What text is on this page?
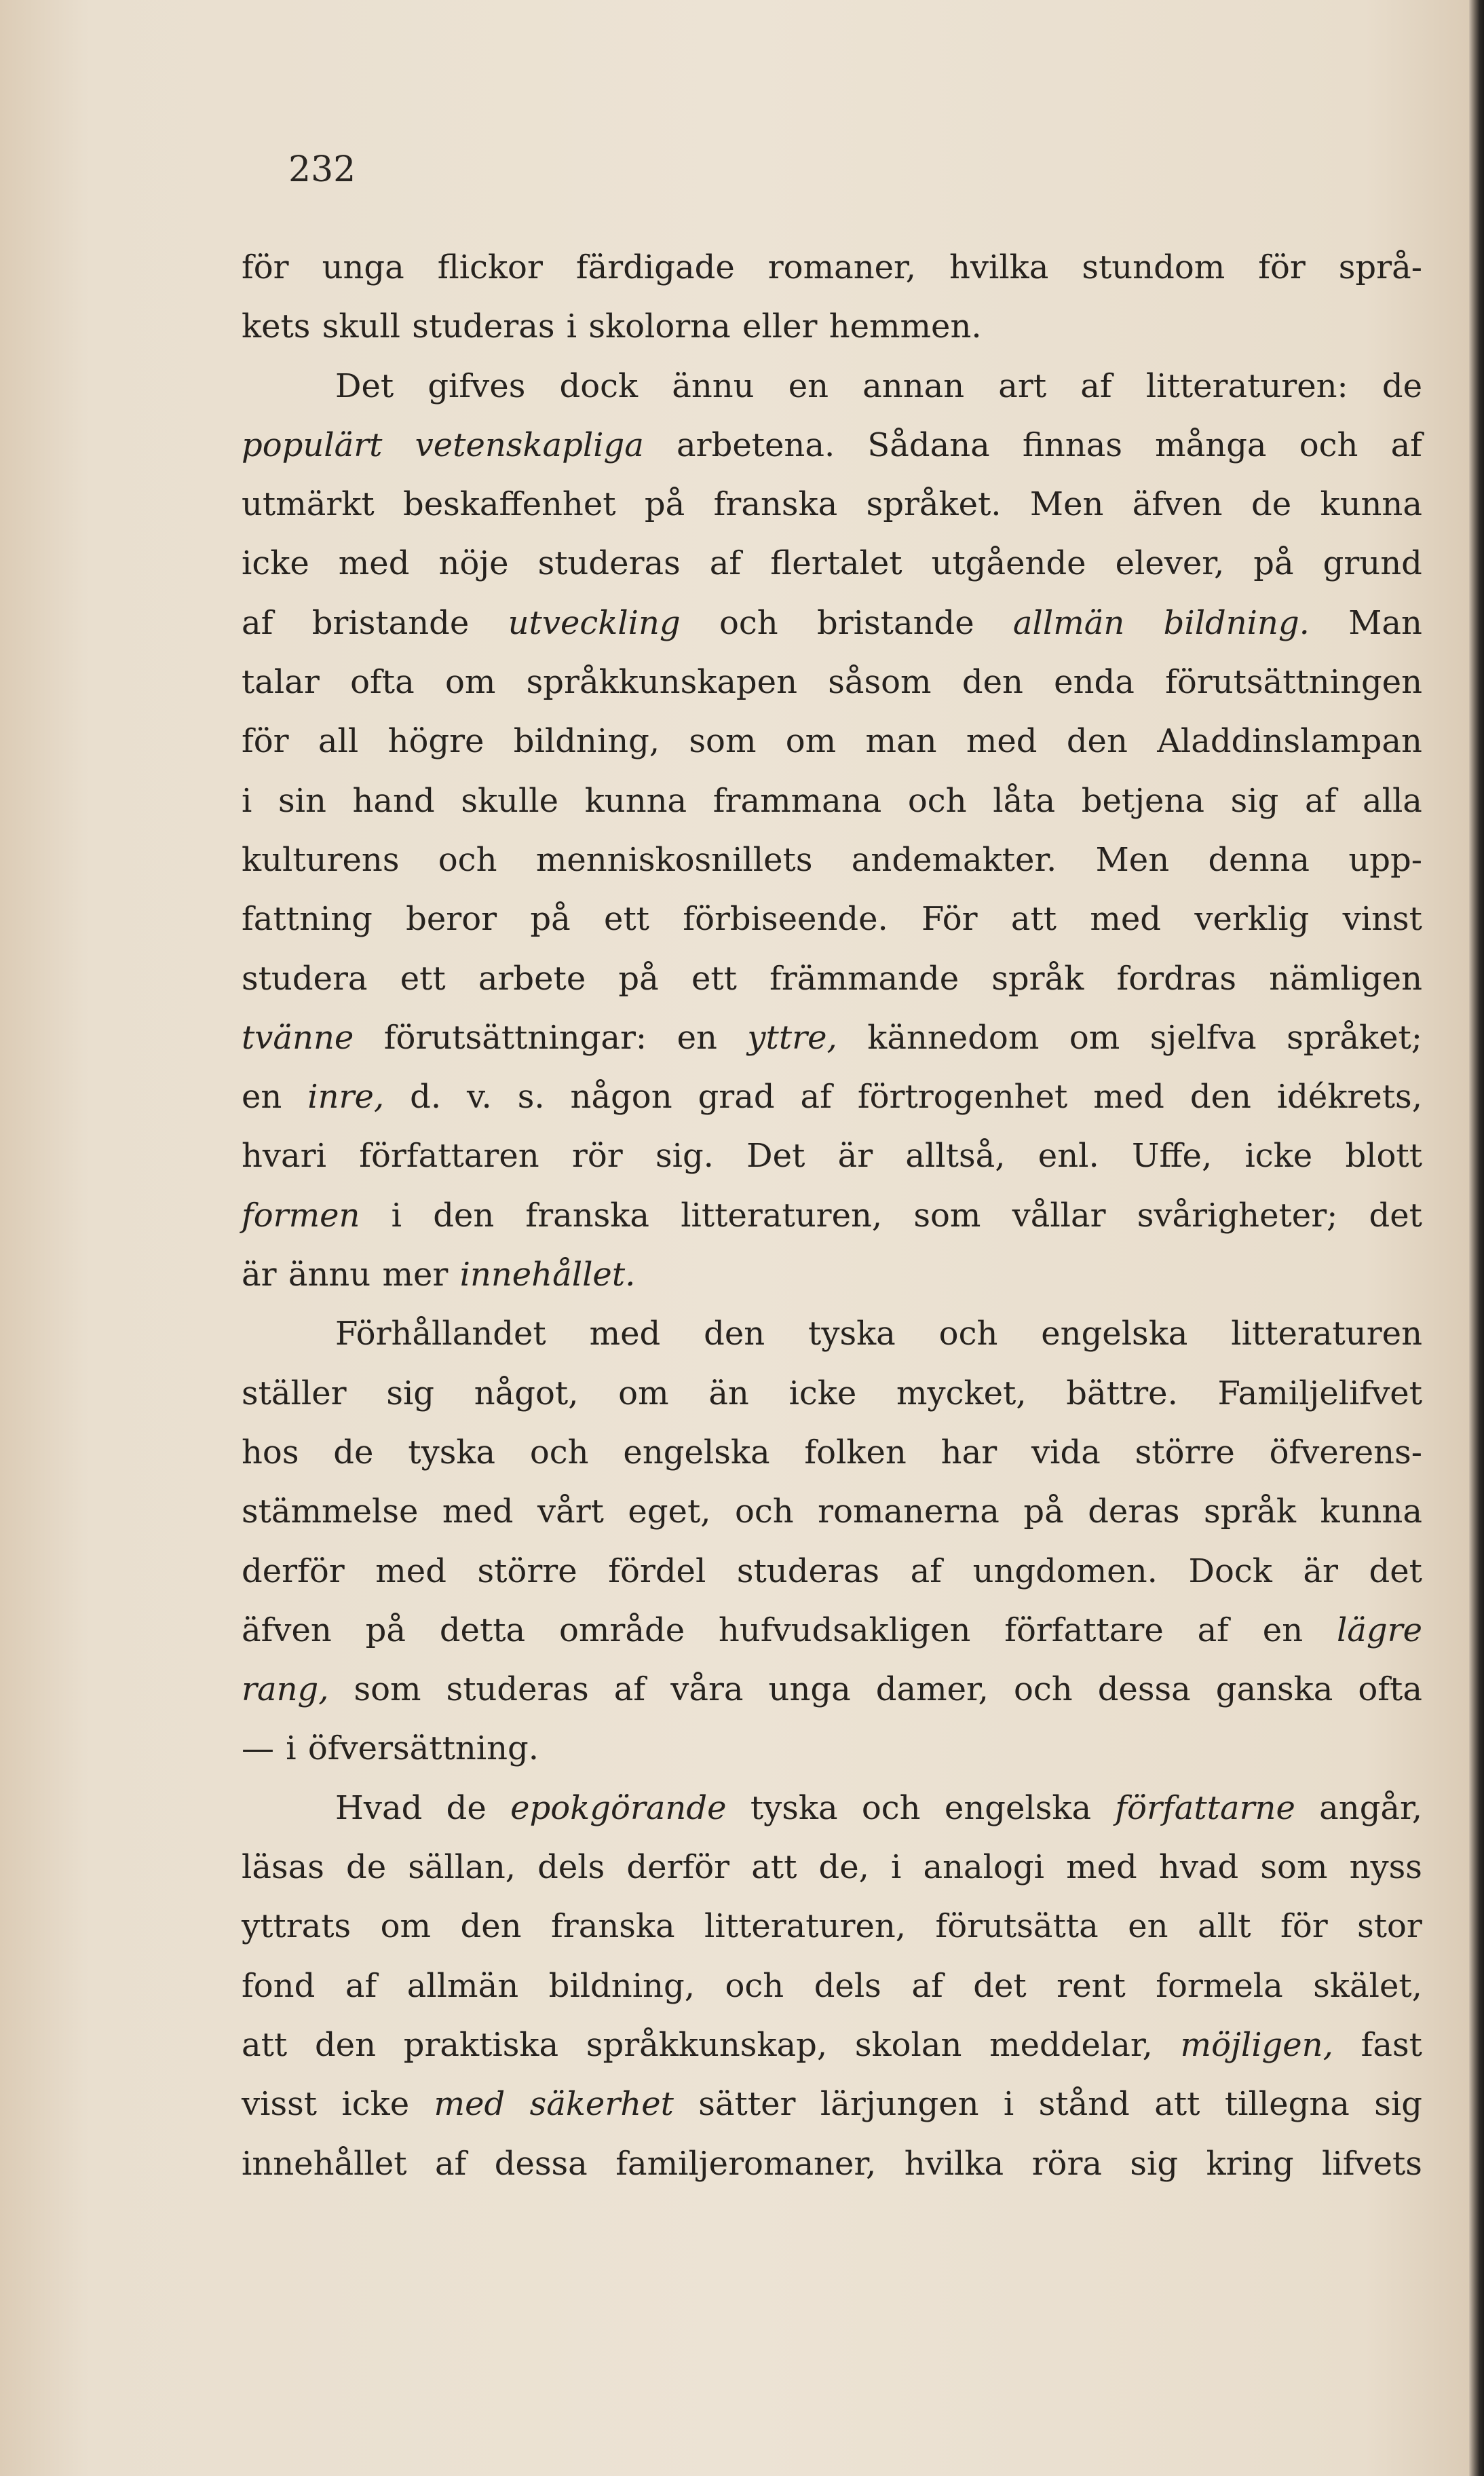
232
för unga flickor färdigade romaner, hvilka stundom för språ-
kets skull studeras i skolorna eller hemmen.
Det gifves dock ännu en annan art af litteraturen: de
populärt vetenskapliga arbetena. Sådana finnas många och af
utmärkt beskaffenhet på franska språket. Men äfven de kunna
icke med nöje studeras af flertalet utgående elever, på grund
af bristande utveckling och bristande allmän bildning. Man
talar ofta om språkkunskapen såsom den enda förutsättningen
för all högre bildning, som om man med den Aladdinslampan
i sin hand skulle kunna frammana och låta betjena sig af alla
kulturens och menniskosnillets andemakter. Men denna upp-
fattning beror på ett förbiseende. För att med verklig vinst
studera ett arbete på ett främmande språk fordras nämligen
tvänne förutsättningar: en yttre, kännedom om sjelfva språket;
en inre, d. v. s. någon grad af förtrogenhet med den idékrets,
hvari författaren rör sig. Det är alltså, enl. Uffe, icke blott
formen i den franska litteraturen, som vållar svårigheter; det
är ännu mer innehållet.
Förhållandet med den tyska och engelska litteraturen
ställer sig något, om än icke mycket, bättre. Familjelifvet
hos de tyska och engelska folken har vida större öfverens-
stämmelse med vårt eget, och romanerna på deras språk kunna
derför med större fördel studeras af ungdomen. Dock är det
äfven på detta område hufvudsakligen författare af en lägre
rang, som studeras af våra unga damer, och dessa ganska ofta
— i öfversättning.
Hvad de epokgörande tyska och engelska författarne angår,
läsas de sällan, dels derför att de, i analogi med hvad som nyss
yttrats om den franska litteraturen, förutsätta en allt för stor
fond af allmän bildning, och dels af det rent formela skälet,
att den praktiska språkkunskap, skolan meddelar, möjligen, fast
visst icke med säkerhet sätter lärjungen i stånd att tillegna sig
innehållet af dessa familjeromaner, hvilka röra sig kring lifvets
